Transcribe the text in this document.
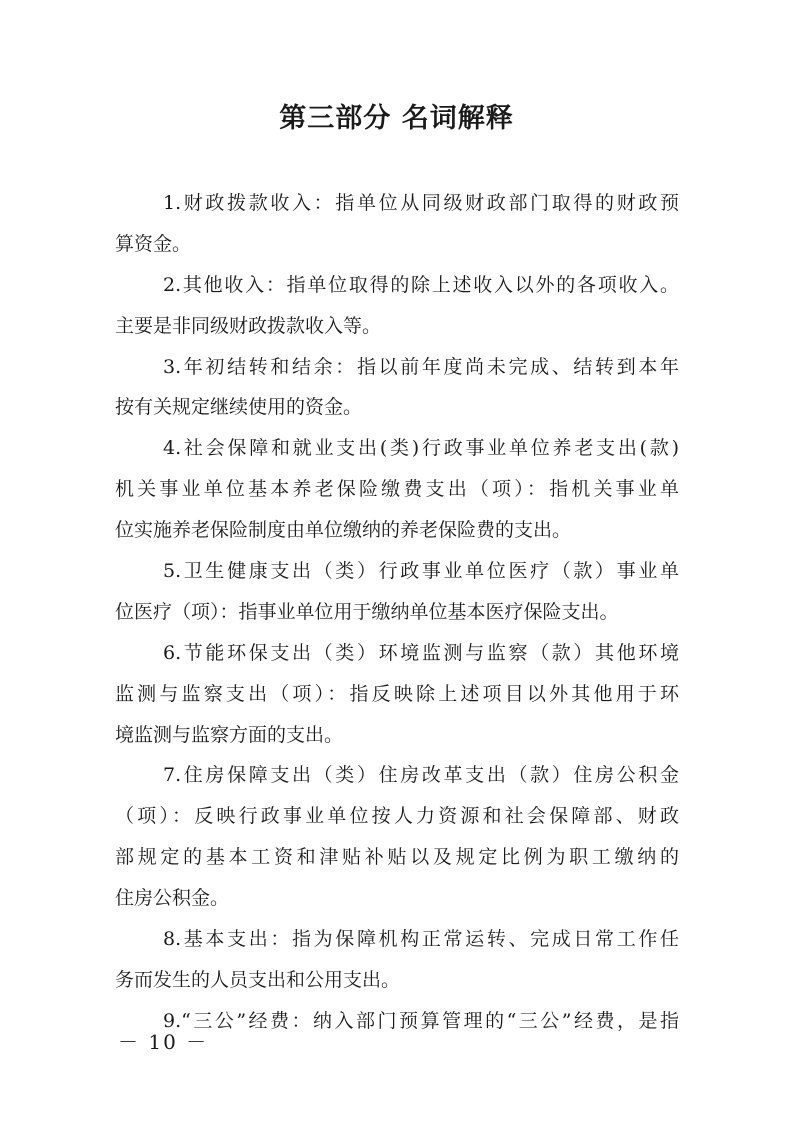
第三部分 名词解释
1.财政拨款收入：指单位从同级财政部门取得的财政预
算资金。
2.其他收入：指单位取得的除上述收入以外的各项收入。
主要是非同级财政拨款收入等。
3.年初结转和结余：指以前年度尚未完成、结转到本年
按有关规定继续使用的资金。
4.社会保障和就业支出(类)行政事业单位养老支出(款)
机关事业单位基本养老保险缴费支出（项）：指机关事业单
位实施养老保险制度由单位缴纳的养老保险费的支出。
5.卫生健康支出（类）行政事业单位医疗（款）事业单
位医疗（项）：指事业单位用于缴纳单位基本医疗保险支出。
6.节能环保支出（类）环境监测与监察（款）其他环境
监测与监察支出（项）：指反映除上述项目以外其他用于环
境监测与监察方面的支出。
7.住房保障支出（类）住房改革支出（款）住房公积金
（项）：反映行政事业单位按人力资源和社会保障部、财政
部规定的基本工资和津贴补贴以及规定比例为职工缴纳的
住房公积金。
8.基本支出：指为保障机构正常运转、完成日常工作任
务而发生的人员支出和公用支出。
9.“三公”经费：纳入部门预算管理的“三公”经费，是指
－ 10 －
